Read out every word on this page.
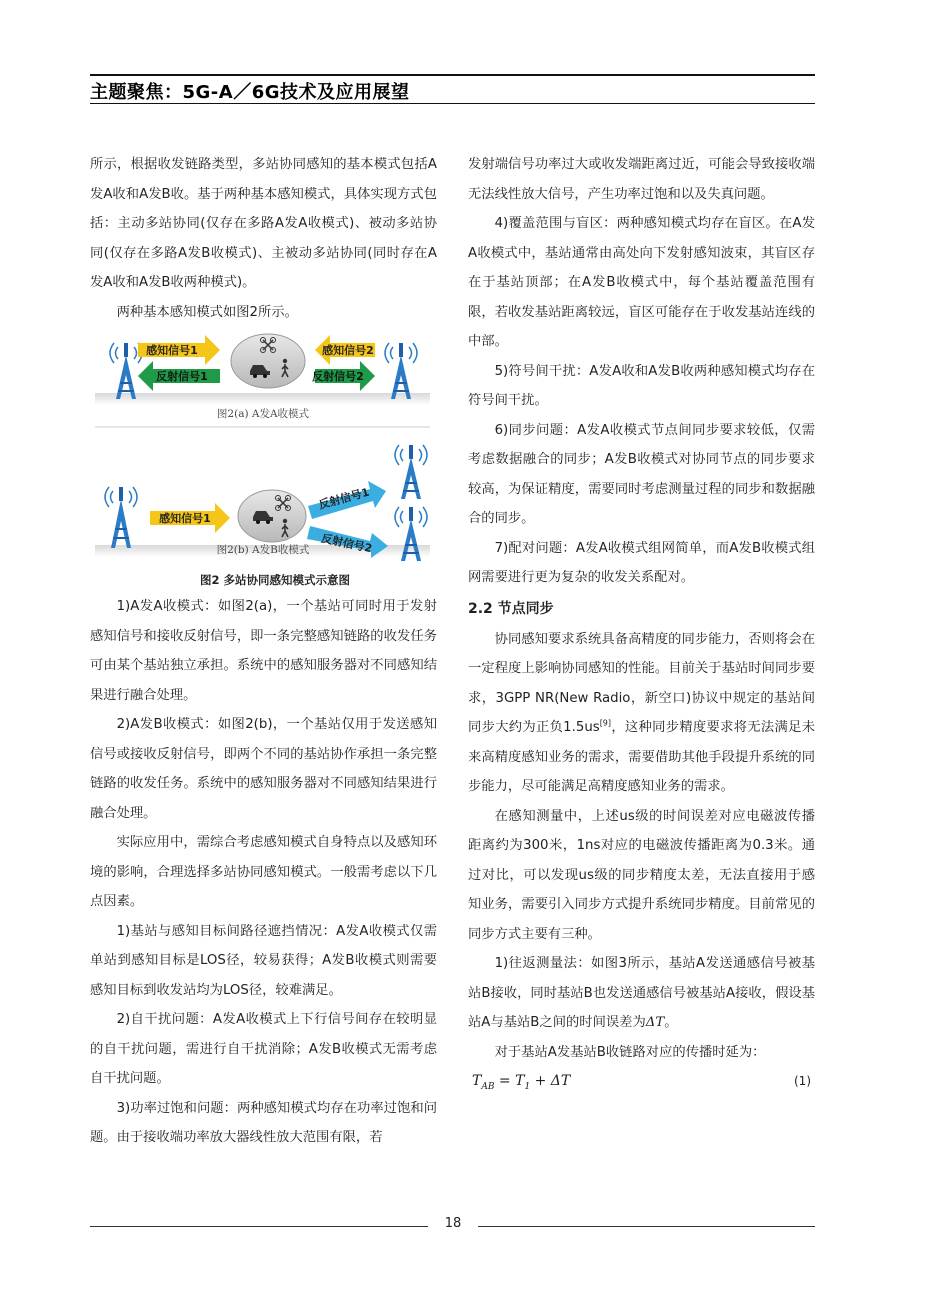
主题聚焦：5G-A／6G技术及应用展望

所示，根据收发链路类型，多站协同感知的基本模式包括A发A收和A发B收。基于两种基本感知模式，具体实现方式包括：主动多站协同(仅存在多路A发A收模式)、被动多站协同(仅存在多路A发B收模式)、主被动多站协同(同时存在A发A收和A发B收两种模式)。

两种基本感知模式如图2所示。

感知信号1
反射信号1
感知信号2
反射信号2
图2(a) A发A收模式
感知信号1
反射信号1
反射信号2
图2(b) A发B收模式

图2 多站协同感知模式示意图

1)A发A收模式：如图2(a)，一个基站可同时用于发射感知信号和接收反射信号，即一条完整感知链路的收发任务可由某个基站独立承担。系统中的感知服务器对不同感知结果进行融合处理。

2)A发B收模式：如图2(b)，一个基站仅用于发送感知信号或接收反射信号，即两个不同的基站协作承担一条完整链路的收发任务。系统中的感知服务器对不同感知结果进行融合处理。

实际应用中，需综合考虑感知模式自身特点以及感知环境的影响，合理选择多站协同感知模式。一般需考虑以下几点因素。

1)基站与感知目标间路径遮挡情况：A发A收模式仅需单站到感知目标是LOS径，较易获得；A发B收模式则需要感知目标到收发站均为LOS径，较难满足。

2)自干扰问题：A发A收模式上下行信号间存在较明显的自干扰问题，需进行自干扰消除；A发B收模式无需考虑自干扰问题。

3)功率过饱和问题：两种感知模式均存在功率过饱和问题。由于接收端功率放大器线性放大范围有限，若

发射端信号功率过大或收发端距离过近，可能会导致接收端无法线性放大信号，产生功率过饱和以及失真问题。

4)覆盖范围与盲区：两种感知模式均存在盲区。在A发A收模式中，基站通常由高处向下发射感知波束，其盲区存在于基站顶部；在A发B收模式中，每个基站覆盖范围有限，若收发基站距离较远，盲区可能存在于收发基站连线的中部。

5)符号间干扰：A发A收和A发B收两种感知模式均存在符号间干扰。

6)同步问题：A发A收模式节点间同步要求较低，仅需考虑数据融合的同步；A发B收模式对协同节点的同步要求较高，为保证精度，需要同时考虑测量过程的同步和数据融合的同步。

7)配对问题：A发A收模式组网简单，而A发B收模式组网需要进行更为复杂的收发关系配对。

2.2 节点同步

协同感知要求系统具备高精度的同步能力，否则将会在一定程度上影响协同感知的性能。目前关于基站时间同步要求，3GPP NR(New Radio，新空口)协议中规定的基站间同步大约为正负1.5us[9]，这种同步精度要求将无法满足未来高精度感知业务的需求，需要借助其他手段提升系统的同步能力，尽可能满足高精度感知业务的需求。

在感知测量中，上述us级的时间误差对应电磁波传播距离约为300米，1ns对应的电磁波传播距离为0.3米。通过对比，可以发现us级的同步精度太差，无法直接用于感知业务，需要引入同步方式提升系统同步精度。目前常见的同步方式主要有三种。

1)往返测量法：如图3所示，基站A发送通感信号被基站B接收，同时基站B也发送通感信号被基站A接收，假设基站A与基站B之间的时间误差为ΔT。

对于基站A发基站B收链路对应的传播时延为：

$T_{AB} = T_1 + \Delta T$	(1)
18
